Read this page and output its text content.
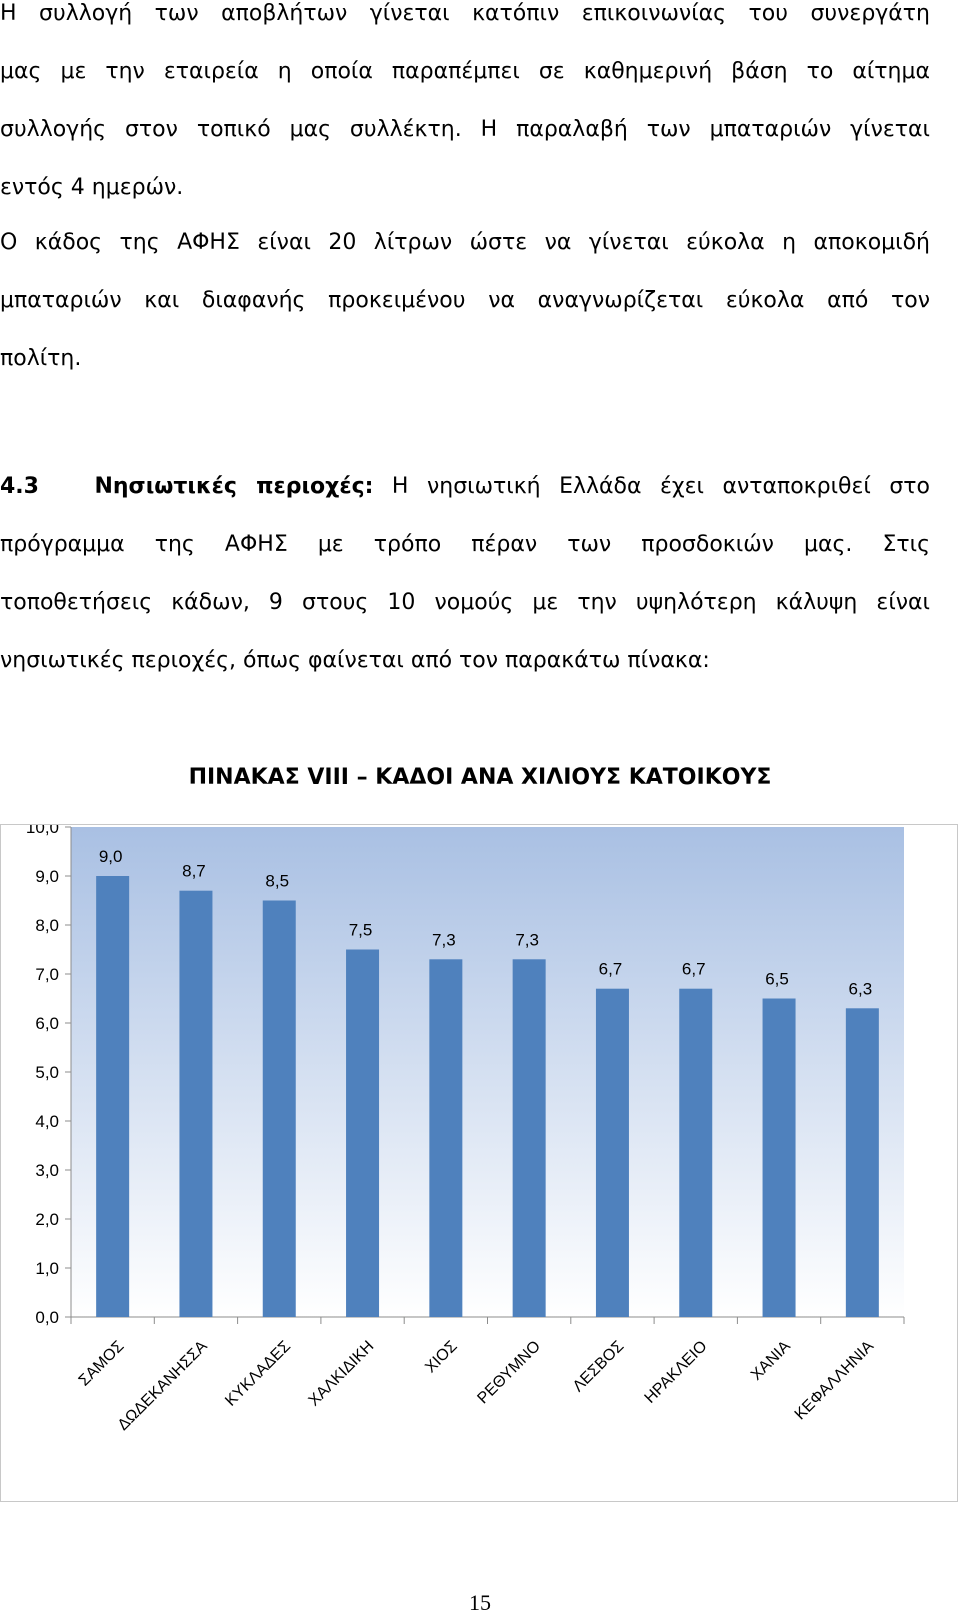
Η συλλογή των αποβλήτων γίνεται κατόπιν επικοινωνίας του συνεργάτη
μας με την εταιρεία η οποία παραπέμπει σε καθημερινή βάση το αίτημα
συλλογής στον τοπικό μας συλλέκτη. Η παραλαβή των μπαταριών γίνεται
εντός 4 ημερών.

Ο κάδος της ΑΦΗΣ είναι 20 λίτρων ώστε να γίνεται εύκολα η αποκομιδή
μπαταριών και διαφανής προκειμένου να αναγνωρίζεται εύκολα από τον
πολίτη.

4.3	Νησιωτικές περιοχές: Η νησιωτική Ελλάδα έχει ανταποκριθεί στο
πρόγραμμα της ΑΦΗΣ με τρόπο πέραν των προσδοκιών μας. Στις
τοποθετήσεις κάδων, 9 στους 10 νομούς με την υψηλότερη κάλυψη είναι
νησιωτικές περιοχές, όπως φαίνεται από τον παρακάτω πίνακα:

ΠΙΝΑΚΑΣ VIII – ΚΑΔΟΙ ΑΝΑ ΧΙΛΙΟΥΣ ΚΑΤΟΙΚΟΥΣ
0,0
1,0
2,0
3,0
4,0
5,0
6,0
7,0
8,0
9,0
10,0
9,0
ΣΑΜΟΣ
8,7
ΔΩΔΕΚΑΝΗΣΣΑ
8,5
ΚΥΚΛΑΔΕΣ
7,5
ΧΑΛΚΙΔΙΚΗ
7,3
ΧΙΟΣ
7,3
ΡΕΘΥΜΝΟ
6,7
ΛΕΣΒΟΣ
6,7
ΗΡΑΚΛΕΙΟ
6,5
ΧΑΝΙΑ
6,3
ΚΕΦΑΛΛΗΝΙΑ
15
